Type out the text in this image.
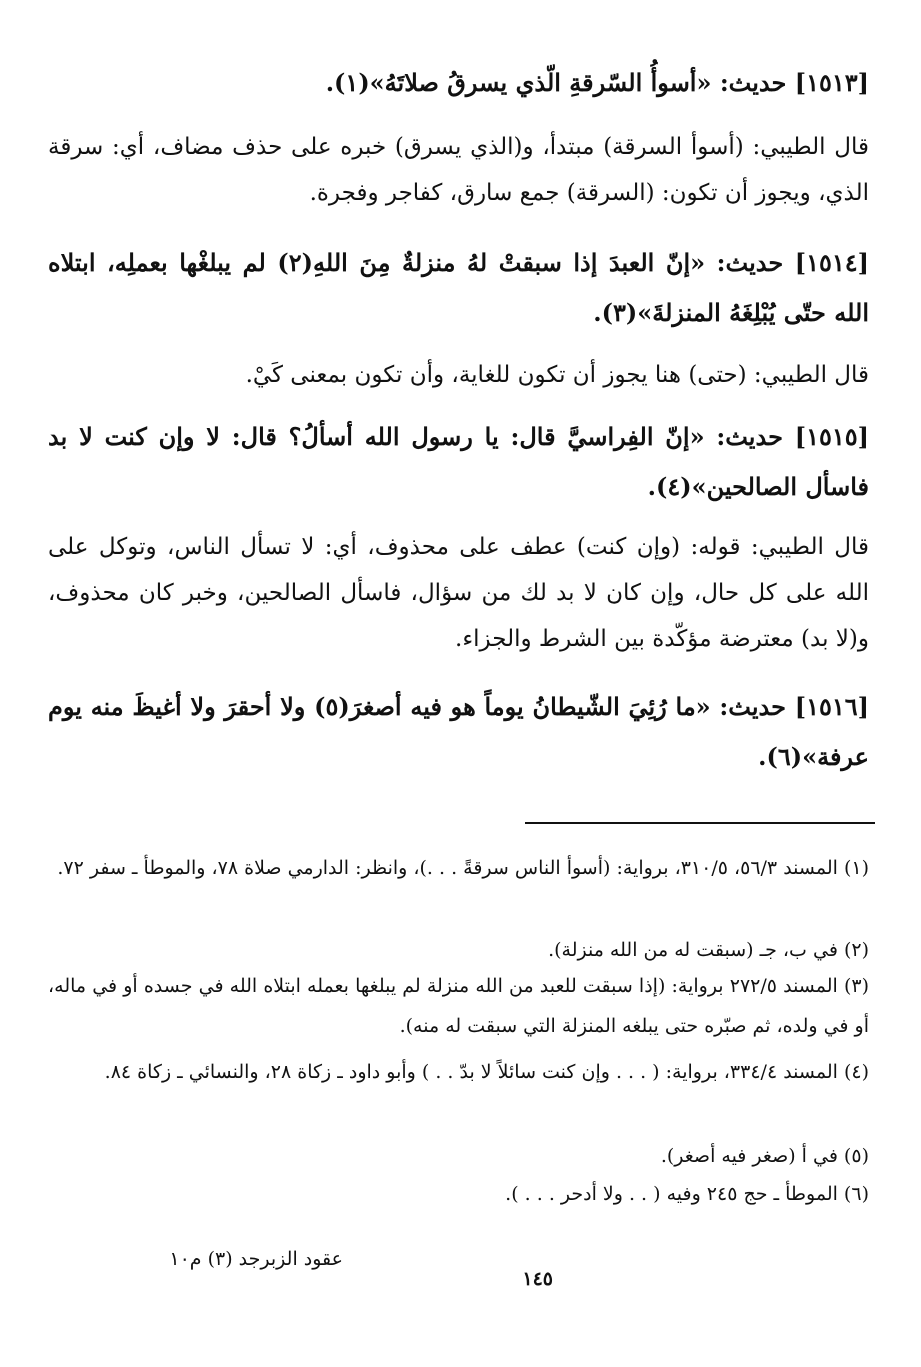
[١٥١٣] حديث: «أسوأُ السّرقةِ الّذي يسرقُ صلاتَهُ»(١).
قال الطيبي: (أسوأ السرقة) مبتدأ، و(الذي يسرق) خبره على حذف مضاف، أي: سرقة الذي، ويجوز أن تكون: (السرقة) جمع سارق، كفاجر وفجرة.
[١٥١٤] حديث: «إنّ العبدَ إذا سبقتْ لهُ منزلةٌ مِنَ اللهِ(٢) لم يبلغْها بعملِه، ابتلاه الله حتّى يُبْلِغَهُ المنزلةَ»(٣).
قال الطيبي: (حتى) هنا يجوز أن تكون للغاية، وأن تكون بمعنى كَيْ.
[١٥١٥] حديث: «إنّ الفِراسيَّ قال: يا رسول الله أسألُ؟ قال: لا وإن كنت لا بد فاسأل الصالحين»(٤).
قال الطيبي: قوله: (وإن كنت) عطف على محذوف، أي: لا تسأل الناس، وتوكل على الله على كل حال، وإن كان لا بد لك من سؤال، فاسأل الصالحين، وخبر كان محذوف، و(لا بد) معترضة مؤكّدة بين الشرط والجزاء.
[١٥١٦] حديث: «ما رُئِيَ الشّيطانُ يوماً هو فيه أصغرَ(٥) ولا أحقرَ ولا أغيظَ منه يوم عرفة»(٦).
(١) المسند ٥٦/٣، ٣١٠/٥، برواية: (أسوأ الناس سرقةً . . .)، وانظر: الدارمي صلاة ٧٨، والموطأ ـ سفر ٧٢.
(٢) في ب، جـ (سبقت له من الله منزلة).
(٣) المسند ٢٧٢/٥ برواية: (إذا سبقت للعبد من الله منزلة لم يبلغها بعمله ابتلاه الله في جسده أو في ماله، أو في ولده، ثم صبّره حتى يبلغه المنزلة التي سبقت له منه).
(٤) المسند ٣٣٤/٤، برواية: ( . . . وإن كنت سائلاً لا بدّ . . ) وأبو داود ـ زكاة ٢٨، والنسائي ـ زكاة ٨٤.
(٥) في أ (صغر فيه أصغر).
(٦) الموطأ ـ حج ٢٤٥ وفيه ( . . ولا أدحر . . . ).
عقود الزبرجد (٣) م١٠
١٤٥
